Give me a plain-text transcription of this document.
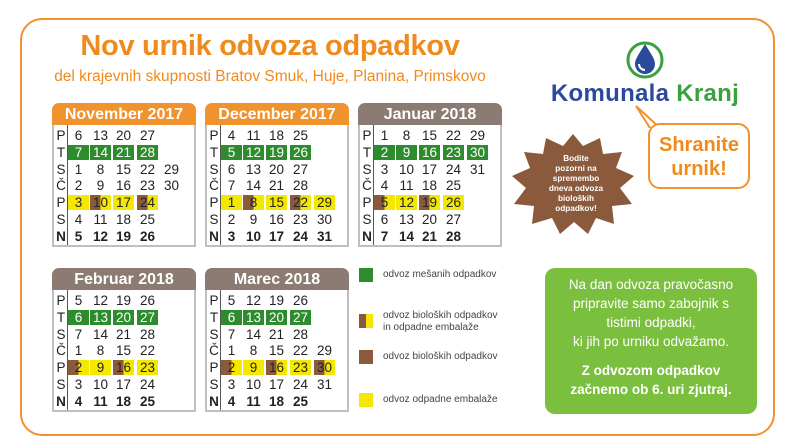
Nov urnik odvoza odpadkov
del krajevnih skupnosti Bratov Smuk, Huje, Planina, Primskovo
Komunala Kranj
Shranite
urnik!
Bodite
pozorni na
spremembo
dneva odvoza
bioloških
odpadkov!
November 2017
P 6 13 20 27
T 7 14 21 28
S 1	8 15 22 29
Č 2	9 16 23 30
P 3 10 17 24
S 4 11 18 25
N 5 12 19 26
December 2017
P 4 11 18 25
T 5 12 19 26
S 6 13 20 27
Č 7 14 21 28
P 1	8 15 22 29
S 2	9 16 23 30
N 3 10 17 24 31
Januar 2018
P 1	8 15 22 29
T 2	9 16 23 30
S 3 10 17 24 31
Č 4 11 18 25
P 5 12 19 26
S 6 13 20 27
N 7 14 21 28
Februar 2018
P 5 12 19 26
T 6 13 20 27
S 7 14 21 28
Č 1	8 15 22
P 2	9 16 23
S 3 10 17 24
N 4 11 18 25
Marec 2018
P 5 12 19 26
T 6 13 20 27
S 7 14 21 28
Č 1	8 15 22 29
P 2	9 16 23 30
S 3 10 17 24 31
N 4 11 18 25
odvoz mešanih odpadkov
odvoz bioloških odpadkov in odpadne embalaže
odvoz bioloških odpadkov
odvoz odpadne embalaže
Na dan odvoza pravočasno
pripravite samo zabojnik s
tistimi odpadki,
ki jih po urniku odvažamo.
Z odvozom odpadkov
začnemo ob 6. uri zjutraj.
